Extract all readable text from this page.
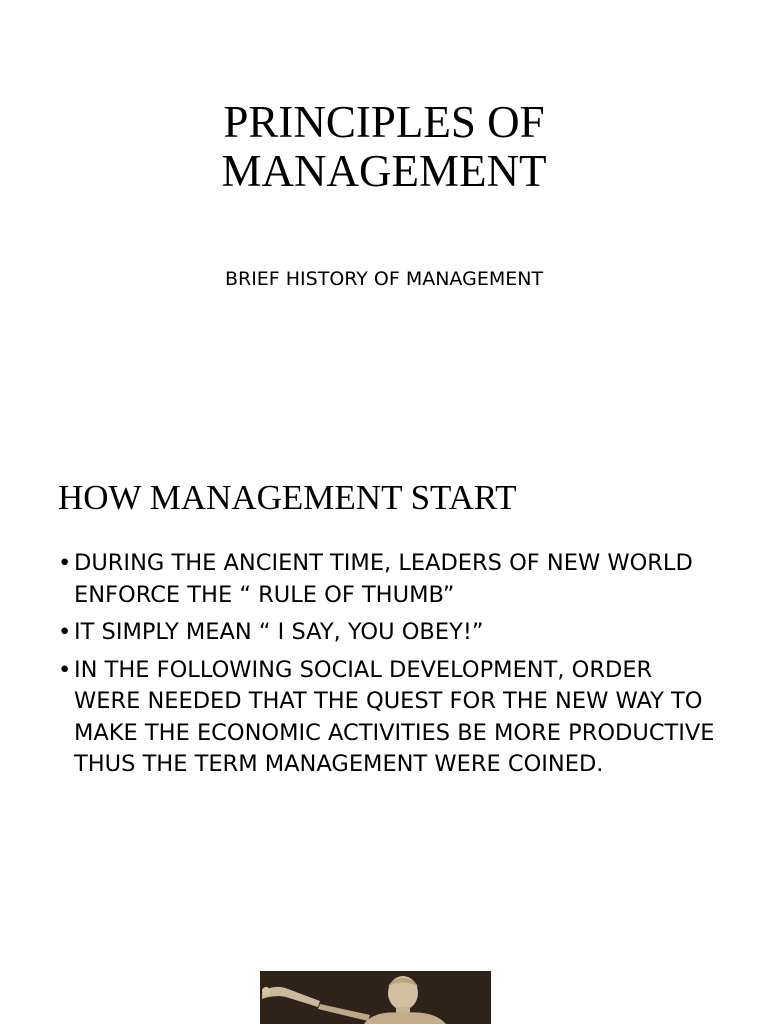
PRINCIPLES OF
MANAGEMENT

BRIEF HISTORY OF MANAGEMENT

HOW MANAGEMENT START
• DURING THE ANCIENT TIME, LEADERS OF NEW WORLD ENFORCE THE “ RULE OF THUMB”
• IT SIMPLY MEAN “ I SAY, YOU OBEY!”
• IN THE FOLLOWING SOCIAL DEVELOPMENT, ORDER WERE NEEDED THAT THE QUEST FOR THE NEW WAY TO MAKE THE ECONOMIC ACTIVITIES BE MORE PRODUCTIVE THUS THE TERM MANAGEMENT WERE COINED.
